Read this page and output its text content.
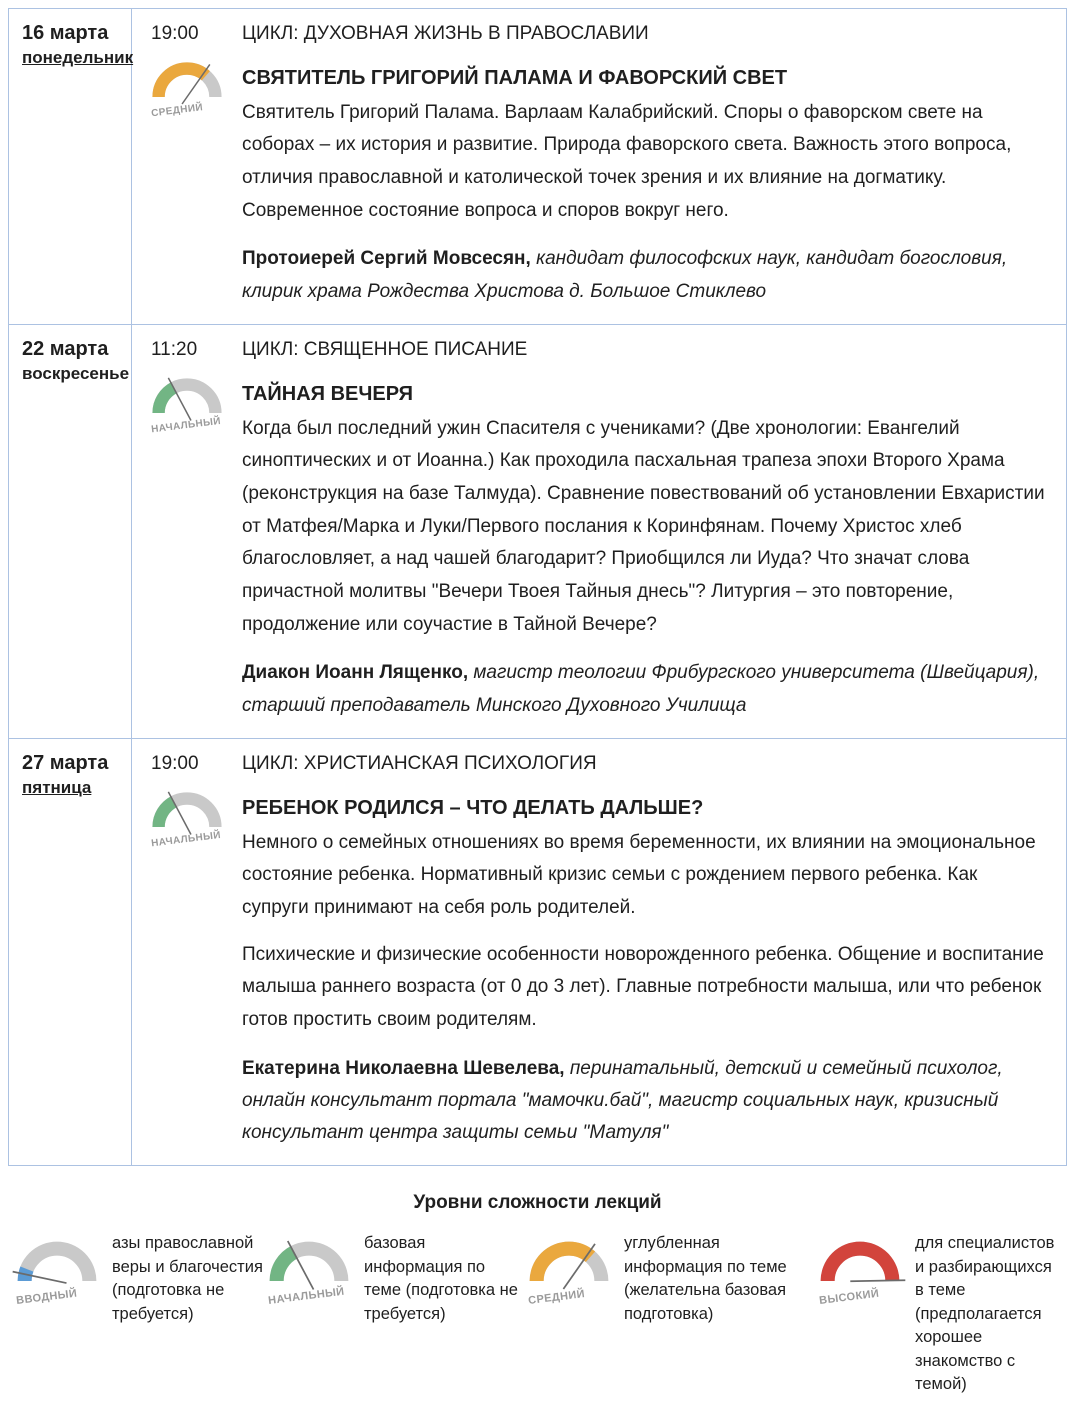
16 марта
понедельник
19:00
СРЕДНИЙ
ЦИКЛ: ДУХОВНАЯ ЖИЗНЬ В ПРАВОСЛАВИИ
СВЯТИТЕЛЬ ГРИГОРИЙ ПАЛАМА И ФАВОРСКИЙ СВЕТ

Святитель Григорий Палама. Варлаам Калабрийский. Споры о фаворском свете на соборах – их история и развитие. Природа фаворского света. Важность этого вопроса, отличия православной и католической точек зрения и их влияние на догматику. Современное состояние вопроса и споров вокруг него.

Протоиерей Сергий Мовсесян, кандидат философских наук, кандидат богословия, клирик храма Рождества Христова д. Большое Стиклево

22 марта
воскресенье
11:20
НАЧАЛЬНЫЙ
ЦИКЛ: СВЯЩЕННОЕ ПИСАНИЕ
ТАЙНАЯ ВЕЧЕРЯ

Когда был последний ужин Спасителя с учениками? (Две хронологии: Евангелий синоптических и от Иоанна.) Как проходила пасхальная трапеза эпохи Второго Храма (реконструкция на базе Талмуда). Сравнение повествований об установлении Евхаристии от Матфея/Марка и Луки/Первого послания к Коринфянам. Почему Христос хлеб благословляет, а над чашей благодарит? Приобщился ли Иуда? Что значат слова причастной молитвы "Вечери Твоея Тайныя днесь"? Литургия – это повторение, продолжение или соучастие в Тайной Вечере?

Диакон Иоанн Лященко, магистр теологии Фрибургского университета (Швейцария), старший преподаватель Минского Духовного Училища

27 марта
пятница
19:00
НАЧАЛЬНЫЙ
ЦИКЛ: ХРИСТИАНСКАЯ ПСИХОЛОГИЯ
РЕБЕНОК РОДИЛСЯ – ЧТО ДЕЛАТЬ ДАЛЬШЕ?

Немного о семейных отношениях во время беременности, их влиянии на эмоциональное состояние ребенка. Нормативный кризис семьи с рождением первого ребенка. Как супруги принимают на себя роль родителей.

Психические и физические особенности новорожденного ребенка. Общение и воспитание малыша раннего возраста (от 0 до 3 лет). Главные потребности малыша, или что ребенок готов простить своим родителям.

Екатерина Николаевна Шевелева, перинатальный, детский и семейный психолог, онлайн консультант портала "мамочки.бай", магистр социальных наук, кризисный консультант центра защиты семьи "Матуля"

Уровни сложности лекций
ВВОДНЫЙ
азы православной веры и благочестия (подготовка не требуется)
НАЧАЛЬНЫЙ
базовая информация по теме (подготовка не требуется)
СРЕДНИЙ
углубленная информация по теме (желательна базовая подготовка)
ВЫСОКИЙ
для специалистов и разбирающихся в теме (предполагается хорошее знакомство с темой)
